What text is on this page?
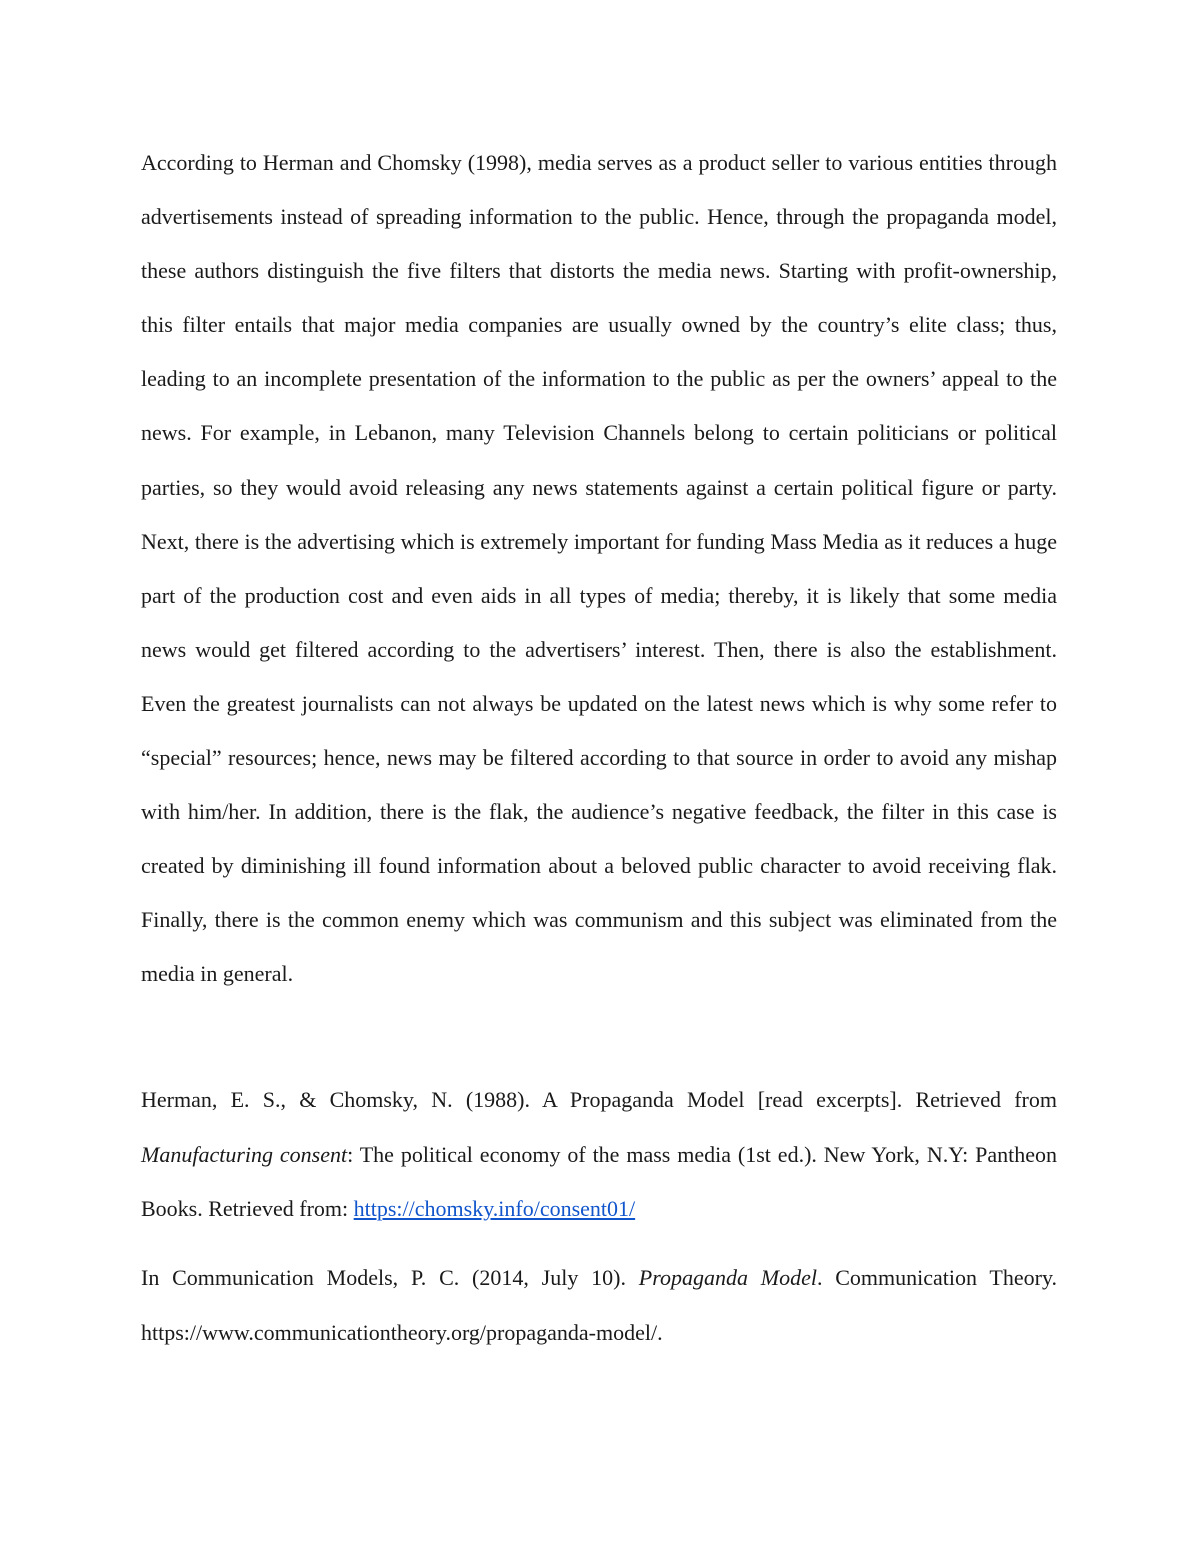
According to Herman and Chomsky (1998), media serves as a product seller to various entities through advertisements instead of spreading information to the public. Hence, through the propaganda model, these authors distinguish the five filters that distorts the media news. Starting with profit-ownership, this filter entails that major media companies are usually owned by the country’s elite class; thus, leading to an incomplete presentation of the information to the public as per the owners’ appeal to the news. For example, in Lebanon, many Television Channels belong to certain politicians or political parties, so they would avoid releasing any news statements against a certain political figure or party. Next, there is the advertising which is extremely important for funding Mass Media as it reduces a huge part of the production cost and even aids in all types of media; thereby, it is likely that some media news would get filtered according to the advertisers’ interest. Then, there is also the establishment. Even the greatest journalists can not always be updated on the latest news which is why some refer to “special” resources; hence, news may be filtered according to that source in order to avoid any mishap with him/her. In addition, there is the flak, the audience’s negative feedback, the filter in this case is created by diminishing ill found information about a beloved public character to avoid receiving flak. Finally, there is the common enemy which was communism and this subject was eliminated from the media in general.

Herman, E. S., & Chomsky, N. (1988). A Propaganda Model [read excerpts]. Retrieved from Manufacturing consent: The political economy of the mass media (1st ed.). New York, N.Y: Pantheon Books. Retrieved from: https://chomsky.info/consent01/

In Communication Models, P. C. (2014, July 10). Propaganda Model. Communication Theory. https://www.communicationtheory.org/propaganda-model/.
